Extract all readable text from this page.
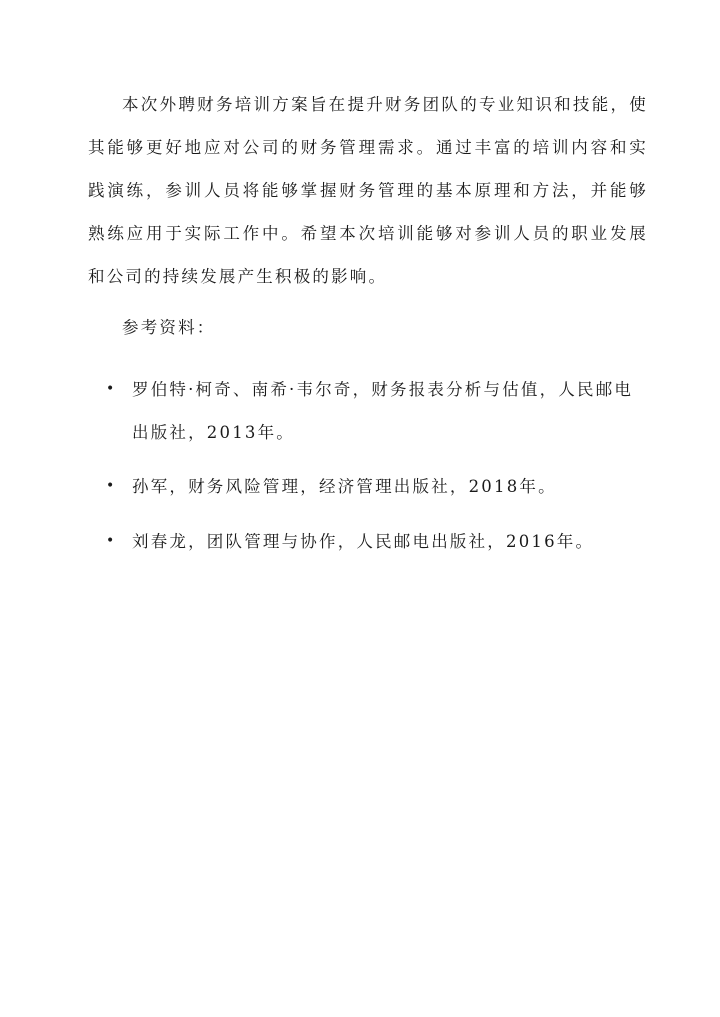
本次外聘财务培训方案旨在提升财务团队的专业知识和技能，使其能够更好地应对公司的财务管理需求。通过丰富的培训内容和实践演练，参训人员将能够掌握财务管理的基本原理和方法，并能够熟练应用于实际工作中。希望本次培训能够对参训人员的职业发展和公司的持续发展产生积极的影响。

参考资料：

• 罗伯特·柯奇、南希·韦尔奇，财务报表分析与估值，人民邮电出版社，2013年。
• 孙军，财务风险管理，经济管理出版社，2018年。
• 刘春龙，团队管理与协作，人民邮电出版社，2016年。
